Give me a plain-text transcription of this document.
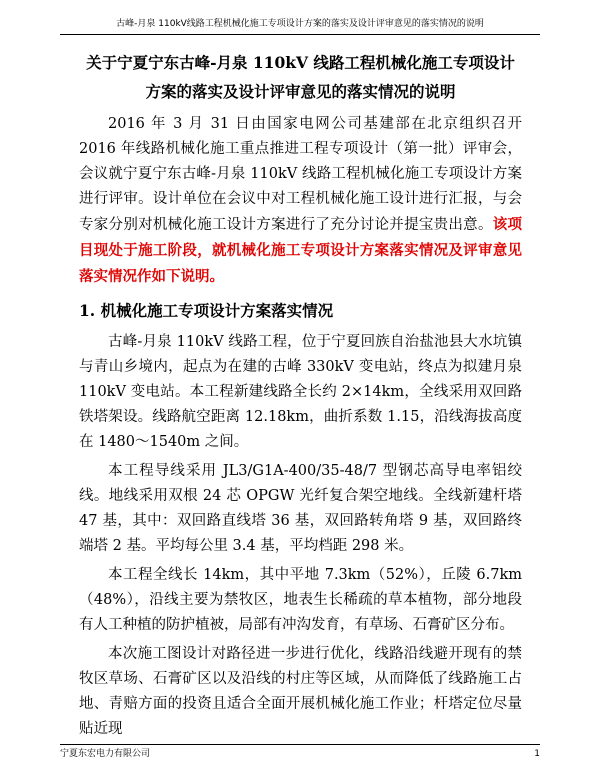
古峰-月泉 110kV线路工程机械化施工专项设计方案的落实及设计评审意见的落实情况的说明
关于宁夏宁东古峰-月泉 110kV 线路工程机械化施工专项设计方案的落实及设计评审意见的落实情况的说明

2016 年 3 月 31 日由国家电网公司基建部在北京组织召开 2016 年线路机械化施工重点推进工程专项设计（第一批）评审会，会议就宁夏宁东古峰-月泉 110kV 线路工程机械化施工专项设计方案进行评审。设计单位在会议中对工程机械化施工设计进行汇报，与会专家分别对机械化施工设计方案进行了充分讨论并提宝贵出意。该项目现处于施工阶段，就机械化施工专项设计方案落实情况及评审意见落实情况作如下说明。

1. 机械化施工专项设计方案落实情况

古峰-月泉 110kV 线路工程，位于宁夏回族自治盐池县大水坑镇与青山乡境内，起点为在建的古峰 330kV 变电站，终点为拟建月泉 110kV 变电站。本工程新建线路全长约 2×14km，全线采用双回路铁塔架设。线路航空距离 12.18km，曲折系数 1.15，沿线海拔高度在 1480～1540m 之间。

本工程导线采用 JL3/G1A-400/35-48/7 型钢芯高导电率铝绞线。地线采用双根 24 芯 OPGW 光纤复合架空地线。全线新建杆塔 47 基，其中：双回路直线塔 36 基，双回路转角塔 9 基，双回路终端塔 2 基。平均每公里 3.4 基，平均档距 298 米。

本工程全线长 14km，其中平地 7.3km（52%），丘陵 6.7km（48%），沿线主要为禁牧区，地表生长稀疏的草本植物，部分地段有人工种植的防护植被，局部有冲沟发育，有草场、石膏矿区分布。

本次施工图设计对路径进一步进行优化，线路沿线避开现有的禁牧区草场、石膏矿区以及沿线的村庄等区域，从而降低了线路施工占地、青赔方面的投资且适合全面开展机械化施工作业；杆塔定位尽量贴近现

宁夏东宏电力有限公司	1
